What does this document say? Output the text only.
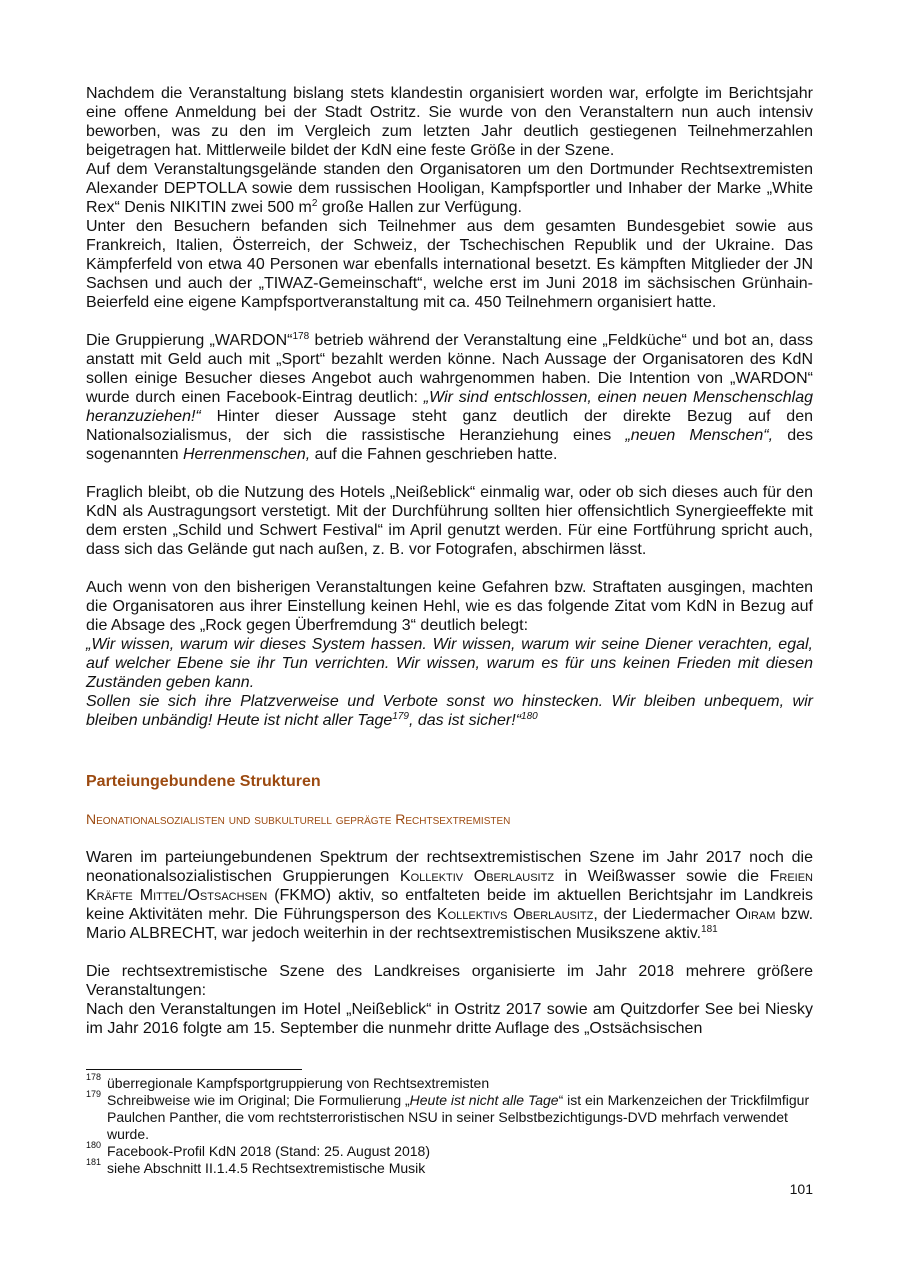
Nachdem die Veranstaltung bislang stets klandestin organisiert worden war, erfolgte im Berichtsjahr eine offene Anmeldung bei der Stadt Ostritz. Sie wurde von den Veranstaltern nun auch intensiv beworben, was zu den im Vergleich zum letzten Jahr deutlich gestiegenen Teilnehmerzahlen beigetragen hat. Mittlerweile bildet der KdN eine feste Größe in der Szene.

Auf dem Veranstaltungsgelände standen den Organisatoren um den Dortmunder Rechtsextremisten Alexander DEPTOLLA sowie dem russischen Hooligan, Kampfsportler und Inhaber der Marke „White Rex“ Denis NIKITIN zwei 500 $m^2$ große Hallen zur Verfügung.

Unter den Besuchern befanden sich Teilnehmer aus dem gesamten Bundesgebiet sowie aus Frankreich, Italien, Österreich, der Schweiz, der Tschechischen Republik und der Ukraine. Das Kämpferfeld von etwa 40 Personen war ebenfalls international besetzt. Es kämpften Mitglieder der JN Sachsen und auch der „TIWAZ-Gemeinschaft“, welche erst im Juni 2018 im sächsischen Grünhain-Beierfeld eine eigene Kampfsportveranstaltung mit ca. 450 Teilnehmern organisiert hatte.

Die Gruppierung „WARDON“$^{178}$ betrieb während der Veranstaltung eine „Feldküche“ und bot an, dass anstatt mit Geld auch mit „Sport“ bezahlt werden könne. Nach Aussage der Organisatoren des KdN sollen einige Besucher dieses Angebot auch wahrgenommen haben. Die Intention von „WARDON“ wurde durch einen Facebook-Eintrag deutlich: „Wir sind entschlossen, einen neuen Menschenschlag heranzuziehen!“ Hinter dieser Aussage steht ganz deutlich der direkte Bezug auf den Nationalsozialismus, der sich die rassistische Heranziehung eines „neuen Menschen“, des sogenannten Herrenmenschen, auf die Fahnen geschrieben hatte.

Fraglich bleibt, ob die Nutzung des Hotels „Neißeblick“ einmalig war, oder ob sich dieses auch für den KdN als Austragungsort verstetigt. Mit der Durchführung sollten hier offensichtlich Synergieeffekte mit dem ersten „Schild und Schwert Festival“ im April genutzt werden. Für eine Fortführung spricht auch, dass sich das Gelände gut nach außen, z. B. vor Fotografen, abschirmen lässt.

Auch wenn von den bisherigen Veranstaltungen keine Gefahren bzw. Straftaten ausgingen, machten die Organisatoren aus ihrer Einstellung keinen Hehl, wie es das folgende Zitat vom KdN in Bezug auf die Absage des „Rock gegen Überfremdung 3“ deutlich belegt:

„Wir wissen, warum wir dieses System hassen. Wir wissen, warum wir seine Diener verachten, egal, auf welcher Ebene sie ihr Tun verrichten. Wir wissen, warum es für uns keinen Frieden mit diesen Zuständen geben kann.

Sollen sie sich ihre Platzverweise und Verbote sonst wo hinstecken. Wir bleiben unbequem, wir bleiben unbändig! Heute ist nicht aller Tage$^{179}$, das ist sicher!“$^{180}$

Parteiungebundene Strukturen
Neonationalsozialisten und subkulturell geprägte Rechtsextremisten

Waren im parteiungebundenen Spektrum der rechtsextremistischen Szene im Jahr 2017 noch die neonationalsozialistischen Gruppierungen Kollektiv Oberlausitz in Weißwasser sowie die Freien Kräfte Mittel/Ostsachsen (FKMO) aktiv, so entfalteten beide im aktuellen Berichtsjahr im Landkreis keine Aktivitäten mehr. Die Führungsperson des Kollektivs Oberlausitz, der Liedermacher Oiram bzw. Mario ALBRECHT, war jedoch weiterhin in der rechtsextremistischen Musikszene aktiv.$^{181}$

Die rechtsextremistische Szene des Landkreises organisierte im Jahr 2018 mehrere größere Veranstaltungen:

Nach den Veranstaltungen im Hotel „Neißeblick“ in Ostritz 2017 sowie am Quitzdorfer See bei Niesky im Jahr 2016 folgte am 15. September die nunmehr dritte Auflage des „Ostsächsischen

178 überregionale Kampfsportgruppierung von Rechtsextremisten
179 Schreibweise wie im Original; Die Formulierung „Heute ist nicht alle Tage“ ist ein Markenzeichen der Trickfilmfigur Paulchen Panther, die vom rechtsterroristischen NSU in seiner Selbstbezichtigungs-DVD mehrfach verwendet wurde.
180 Facebook-Profil KdN 2018 (Stand: 25. August 2018)
181 siehe Abschnitt II.1.4.5 Rechtsextremistische Musik
101
